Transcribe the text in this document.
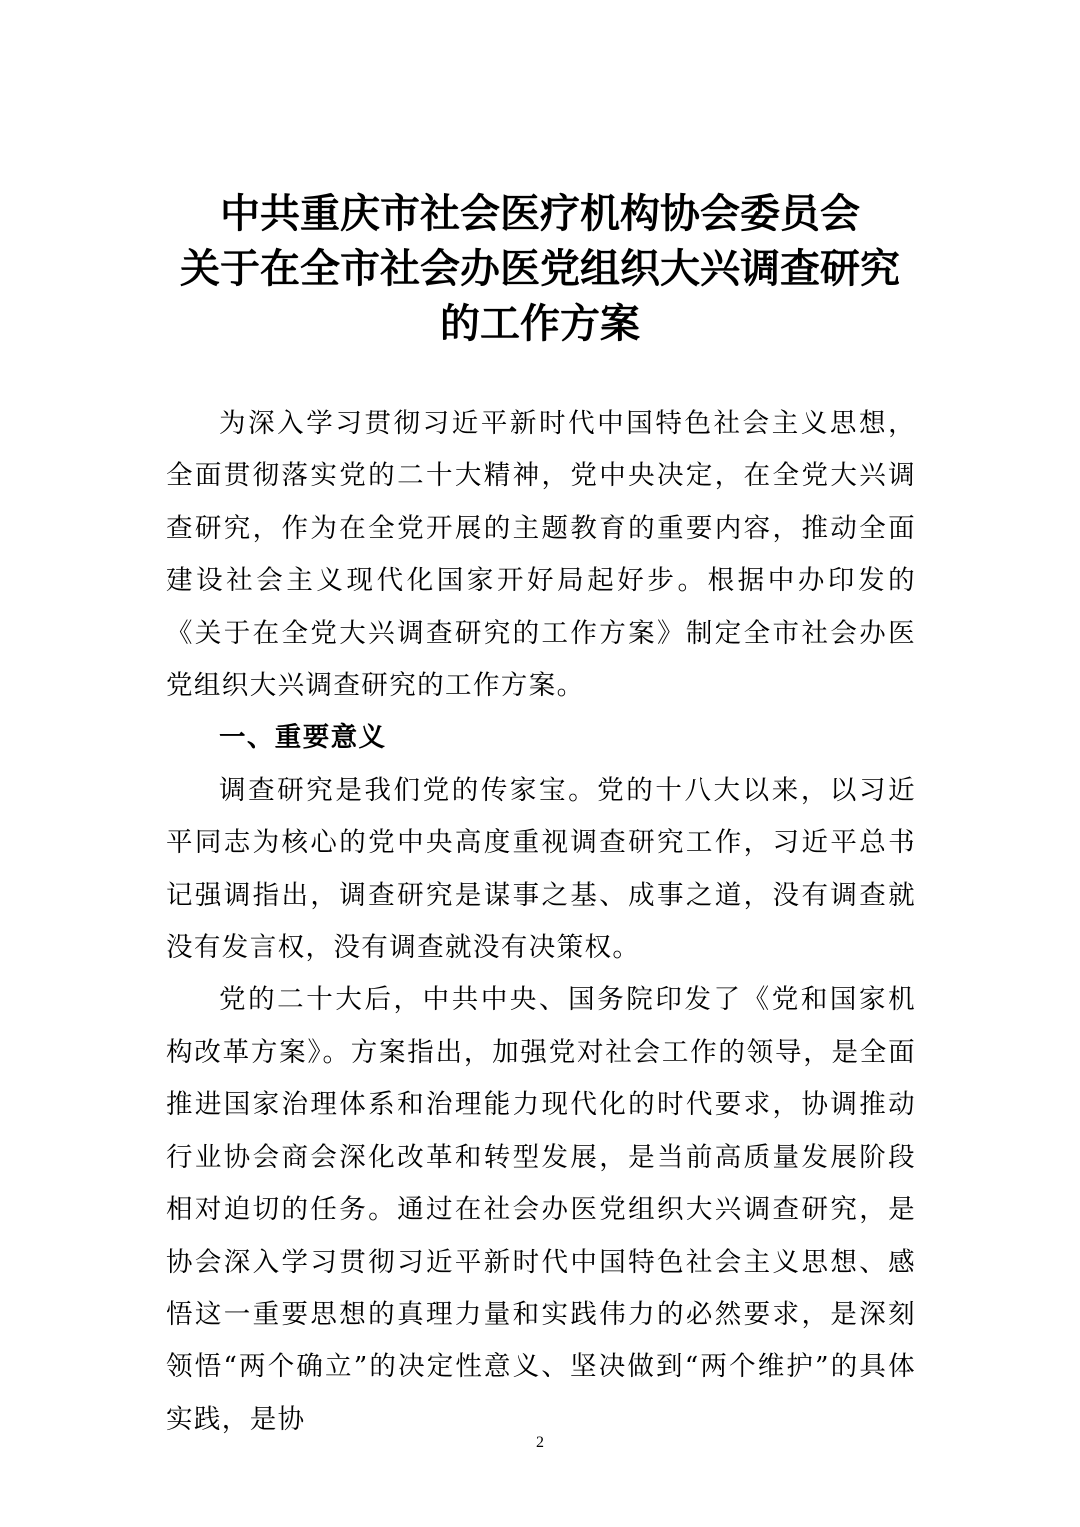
中共重庆市社会医疗机构协会委员会
关于在全市社会办医党组织大兴调查研究
的工作方案

为深入学习贯彻习近平新时代中国特色社会主义思想，全面贯彻落实党的二十大精神，党中央决定，在全党大兴调查研究，作为在全党开展的主题教育的重要内容，推动全面建设社会主义现代化国家开好局起好步。根据中办印发的《关于在全党大兴调查研究的工作方案》制定全市社会办医党组织大兴调查研究的工作方案。

一、重要意义

调查研究是我们党的传家宝。党的十八大以来，以习近平同志为核心的党中央高度重视调查研究工作，习近平总书记强调指出，调查研究是谋事之基、成事之道，没有调查就没有发言权，没有调查就没有决策权。

党的二十大后，中共中央、国务院印发了《党和国家机构改革方案》。方案指出，加强党对社会工作的领导，是全面推进国家治理体系和治理能力现代化的时代要求，协调推动行业协会商会深化改革和转型发展，是当前高质量发展阶段相对迫切的任务。通过在社会办医党组织大兴调查研究，是协会深入学习贯彻习近平新时代中国特色社会主义思想、感悟这一重要思想的真理力量和实践伟力的必然要求，是深刻领悟“两个确立”的决定性意义、坚决做到“两个维护”的具体实践，是协

2
